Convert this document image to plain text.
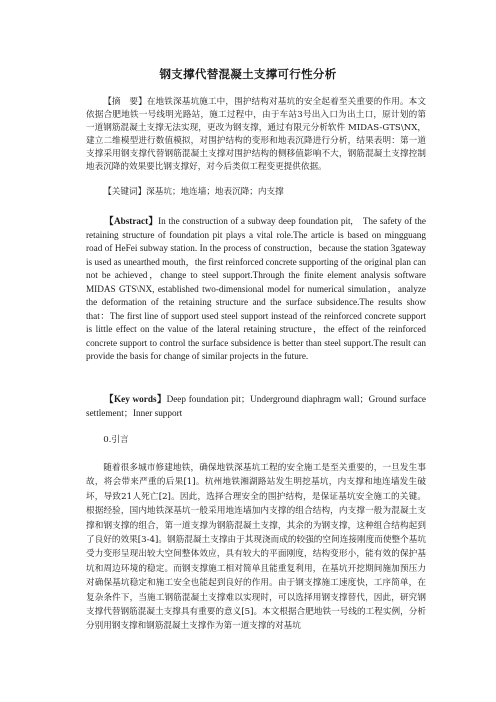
钢支撑代替混凝土支撑可行性分析

【摘　要】在地铁深基坑施工中，围护结构对基坑的安全起着至关重要的作用。本文依据合肥地铁一号线明光路站，施工过程中，由于车站3号出入口为出土口，原计划的第一道钢筋混凝土支撑无法实现，更改为钢支撑，通过有限元分析软件 MIDAS-GTS\NX，建立二维模型进行数值模拟，对围护结构的变形和地表沉降进行分析，结果表明：第一道支撑采用钢支撑代替钢筋混凝土支撑对围护结构的侧移值影响不大，钢筋混凝土支撑控制地表沉降的效果要比钢支撑好，对今后类似工程变更提供依据。

【关键词】深基坑；地连墙；地表沉降；内支撑

【Abstract】In the construction of a subway deep foundation pit,　The safety of the retaining structure of foundation pit plays a vital role.The article is based on mingguang road of HeFei subway station. In the process of construction，because the station 3gateway is used as unearthed mouth，the first reinforced concrete supporting of the original plan can not be achieved，change to steel support.Through the finite element analysis software MIDAS GTS\NX, established two-dimensional model for numerical simulation，analyze the deformation of the retaining structure and the surface subsidence.The results show that：The first line of support used steel support instead of the reinforced concrete support is little effect on the value of the lateral retaining structure，the effect of the reinforced concrete support to control the surface subsidence is better than steel support.The result can provide the basis for change of similar projects in the future.

【Key words】Deep foundation pit；Underground diaphragm wall；Ground surface settlement；Inner support

0.引言

随着很多城市修建地铁，确保地铁深基坑工程的安全施工是至关重要的，一旦发生事故，将会带来严重的后果[1]。杭州地铁湘湖路站发生明挖基坑，内支撑和地连墙发生破坏，导致21人死亡[2]。因此，选择合理安全的围护结构，是保证基坑安全施工的关键。根据经验，国内地铁深基坑一般采用地连墙加内支撑的组合结构，内支撑一般为混凝土支撑和钢支撑的组合，第一道支撑为钢筋混凝土支撑，其余的为钢支撑，这种组合结构起到了良好的效果[3-4]。钢筋混凝土支撑由于其现浇而成的较强的空间连接刚度而使整个基坑受力变形呈现出较大空间整体效应，具有较大的平面刚度，结构变形小，能有效的保护基坑和周边环境的稳定。而钢支撑施工相对简单且能重复利用，在基坑开挖期间施加预压力对确保基坑稳定和施工安全也能起到良好的作用。由于钢支撑施工速度快，工序简单，在复杂条件下，当施工钢筋混凝土支撑难以实现时，可以选择用钢支撑替代，因此，研究钢支撑代替钢筋混凝土支撑具有重要的意义[5]。本文根据合肥地铁一号线的工程实例，分析分别用钢支撑和钢筋混凝土支撑作为第一道支撑的对基坑
